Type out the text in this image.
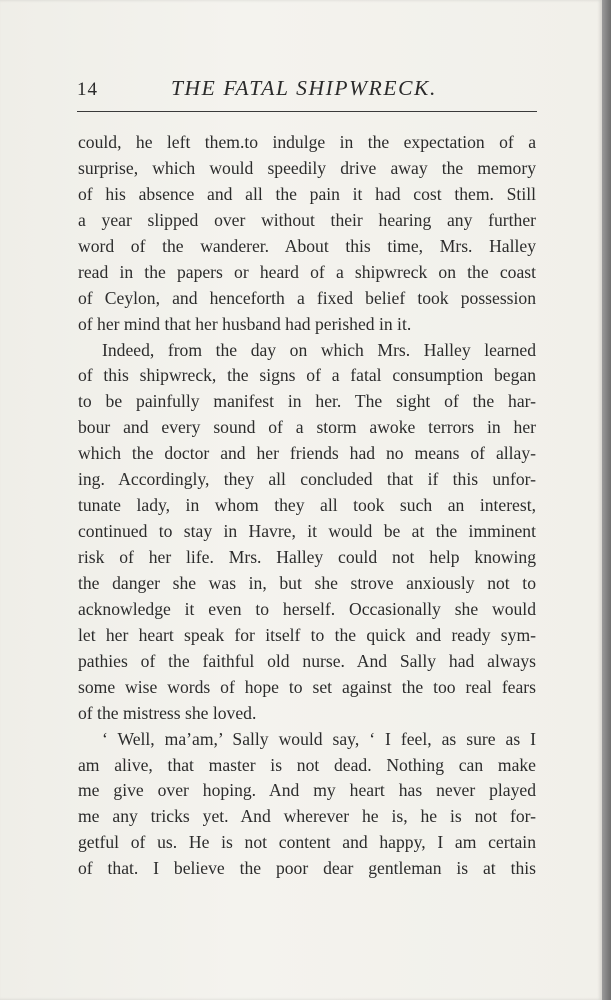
14	THE FATAL SHIPWRECK.
could, he left them.to indulge in the expectation of a
surprise, which would speedily drive away the memory
of his absence and all the pain it had cost them. Still
a year slipped over without their hearing any further
word of the wanderer. About this time, Mrs. Halley
read in the papers or heard of a shipwreck on the coast
of Ceylon, and henceforth a fixed belief took possession
of her mind that her husband had perished in it.
Indeed, from the day on which Mrs. Halley learned
of this shipwreck, the signs of a fatal consumption began
to be painfully manifest in her. The sight of the har-
bour and every sound of a storm awoke terrors in her
which the doctor and her friends had no means of allay-
ing. Accordingly, they all concluded that if this unfor-
tunate lady, in whom they all took such an interest,
continued to stay in Havre, it would be at the imminent
risk of her life. Mrs. Halley could not help knowing
the danger she was in, but she strove anxiously not to
acknowledge it even to herself. Occasionally she would
let her heart speak for itself to the quick and ready sym-
pathies of the faithful old nurse. And Sally had always
some wise words of hope to set against the too real fears
of the mistress she loved.
‘ Well, ma’am,’ Sally would say, ‘ I feel, as sure as I
am alive, that master is not dead. Nothing can make
me give over hoping. And my heart has never played
me any tricks yet. And wherever he is, he is not for-
getful of us. He is not content and happy, I am certain
of that. I believe the poor dear gentleman is at this
